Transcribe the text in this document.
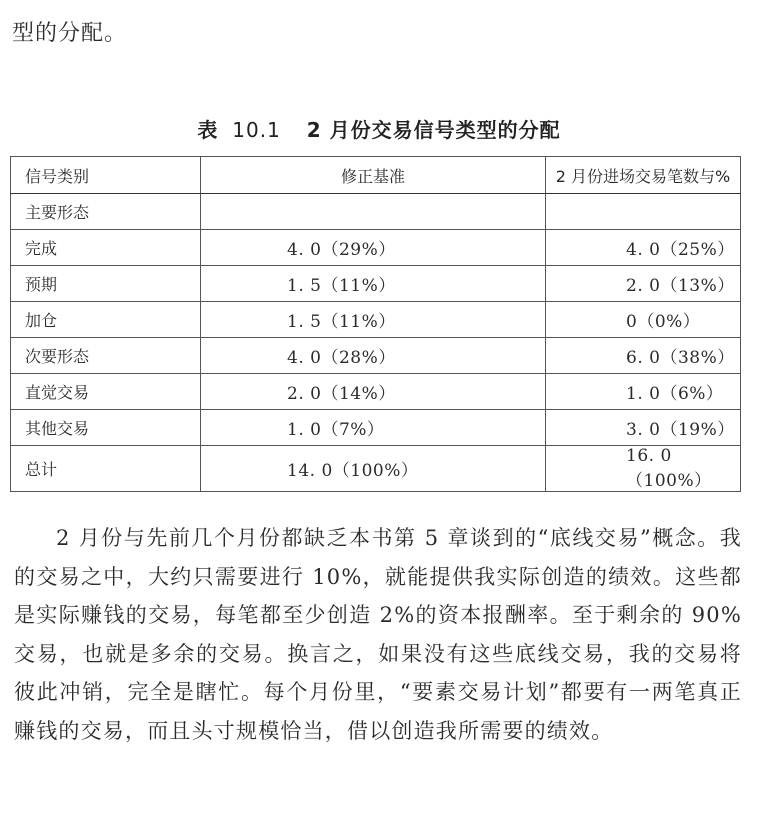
型的分配。
表 10.1 2 月份交易信号类型的分配
信号类别	修正基准	2 月份进场交易笔数与%
主要形态		
完成	4. 0（29%）	4. 0（25%）
预期	1. 5（11%）	2. 0（13%）
加仓	1. 5（11%）	0（0%）
次要形态	4. 0（28%）	6. 0（38%）
直觉交易	2. 0（14%）	1. 0（6%）
其他交易	1. 0（7%）	3. 0（19%）
总计	14. 0（100%）	16. 0（100%）

2 月份与先前几个月份都缺乏本书第 5 章谈到的“底线交易”概念。我的交易之中，大约只需要进行 10%，就能提供我实际创造的绩效。这些都是实际赚钱的交易，每笔都至少创造 2%的资本报酬率。至于剩余的 90%交易，也就是多余的交易。换言之，如果没有这些底线交易，我的交易将彼此冲销，完全是瞎忙。每个月份里，“要素交易计划”都要有一两笔真正赚钱的交易，而且头寸规模恰当，借以创造我所需要的绩效。
